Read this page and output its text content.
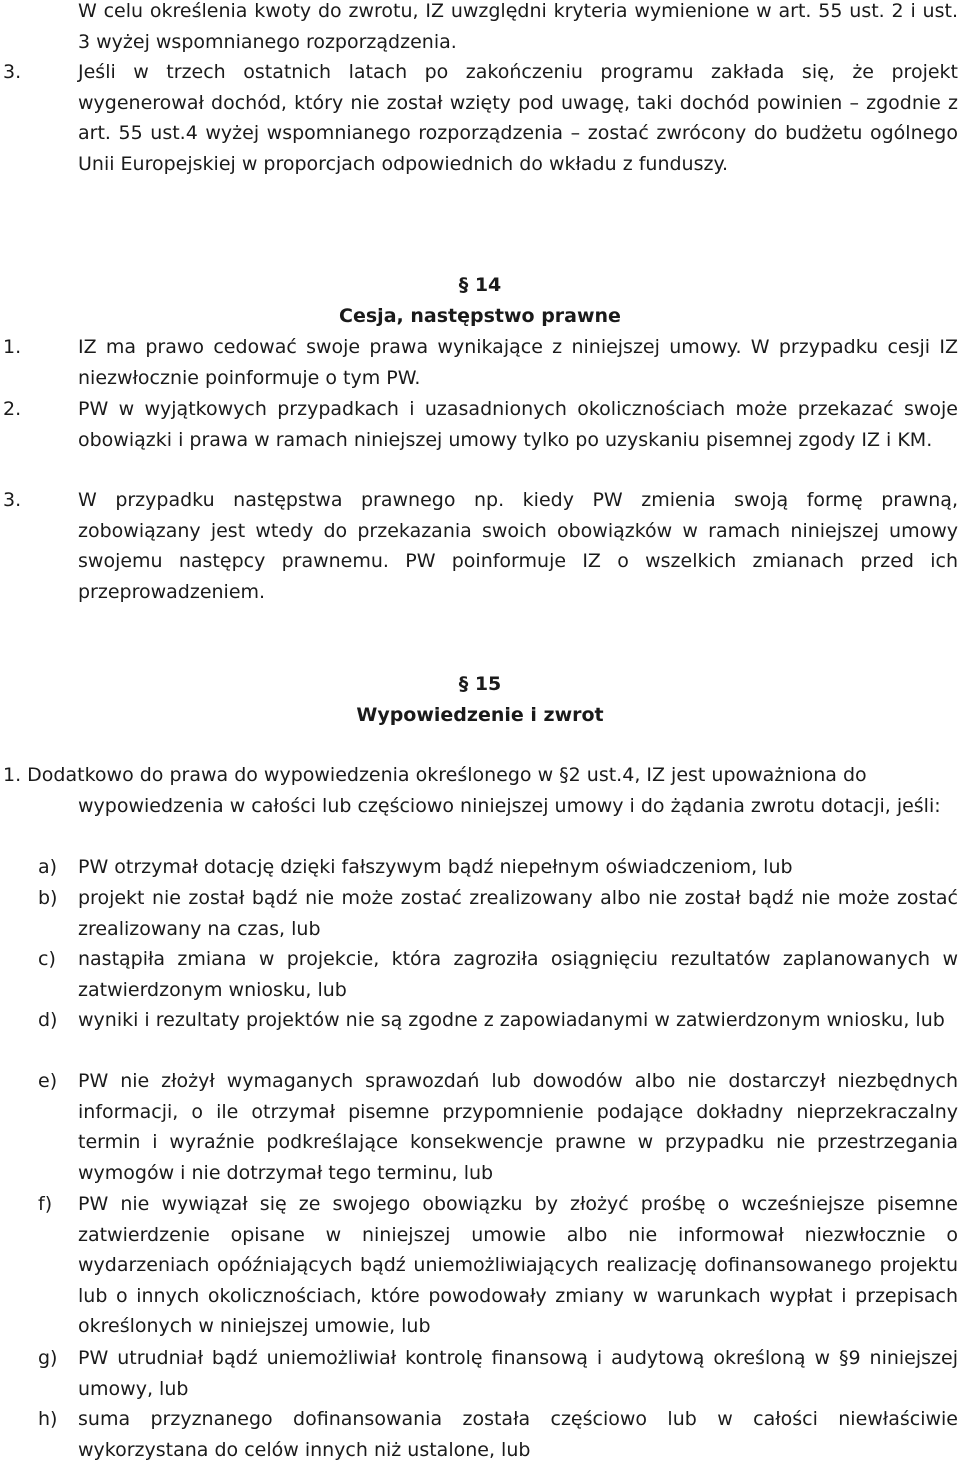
W celu określenia kwoty do zwrotu, IZ uwzględni kryteria wymienione w art. 55 ust. 2 i ust. 3 wyżej wspomnianego rozporządzenia.
3.	Jeśli w trzech ostatnich latach po zakończeniu programu zakłada się, że projekt wygenerował dochód, który nie został wzięty pod uwagę, taki dochód powinien – zgodnie z art. 55 ust.4 wyżej wspomnianego rozporządzenia – zostać zwrócony do budżetu ogólnego Unii Europejskiej w proporcjach odpowiednich do wkładu z funduszy.
§ 14
Cesja, następstwo prawne
1.	IZ ma prawo cedować swoje prawa wynikające z niniejszej umowy. W przypadku cesji IZ niezwłocznie poinformuje o tym PW.
2.	PW w wyjątkowych przypadkach i uzasadnionych okolicznościach może przekazać swoje obowiązki i prawa w ramach niniejszej umowy tylko po uzyskaniu pisemnej zgody IZ i KM.
3.	W przypadku następstwa prawnego np. kiedy PW zmienia swoją formę prawną, zobowiązany jest wtedy do przekazania swoich obowiązków w ramach niniejszej umowy swojemu następcy prawnemu. PW poinformuje IZ o wszelkich zmianach przed ich przeprowadzeniem.
§ 15
Wypowiedzenie i zwrot
1. Dodatkowo do prawa do wypowiedzenia określonego w §2 ust.4, IZ jest upoważniona do
wypowiedzenia w całości lub częściowo niniejszej umowy i do żądania zwrotu dotacji, jeśli:
a) PW otrzymał dotację dzięki fałszywym bądź niepełnym oświadczeniom, lub
b) projekt nie został bądź nie może zostać zrealizowany albo nie został bądź nie może zostać zrealizowany na czas, lub
c) nastąpiła zmiana w projekcie, która zagroziła osiągnięciu rezultatów zaplanowanych w zatwierdzonym wniosku, lub
d) wyniki i rezultaty projektów nie są zgodne z zapowiadanymi w zatwierdzonym wniosku, lub
e) PW nie złożył wymaganych sprawozdań lub dowodów albo nie dostarczył niezbędnych informacji, o ile otrzymał pisemne przypomnienie podające dokładny nieprzekraczalny termin i wyraźnie podkreślające konsekwencje prawne w przypadku nie przestrzegania wymogów i nie dotrzymał tego terminu, lub
f) PW nie wywiązał się ze swojego obowiązku by złożyć prośbę o wcześniejsze pisemne zatwierdzenie opisane w niniejszej umowie albo nie informował niezwłocznie o wydarzeniach opóźniających bądź uniemożliwiających realizację dofinansowanego projektu lub o innych okolicznościach, które powodowały zmiany w warunkach wypłat i przepisach określonych w niniejszej umowie, lub
g) PW utrudniał bądź uniemożliwiał kontrolę finansową i audytową określoną w §9 niniejszej umowy, lub
h) suma przyznanego dofinansowania została częściowo lub w całości niewłaściwie wykorzystana do celów innych niż ustalone, lub
